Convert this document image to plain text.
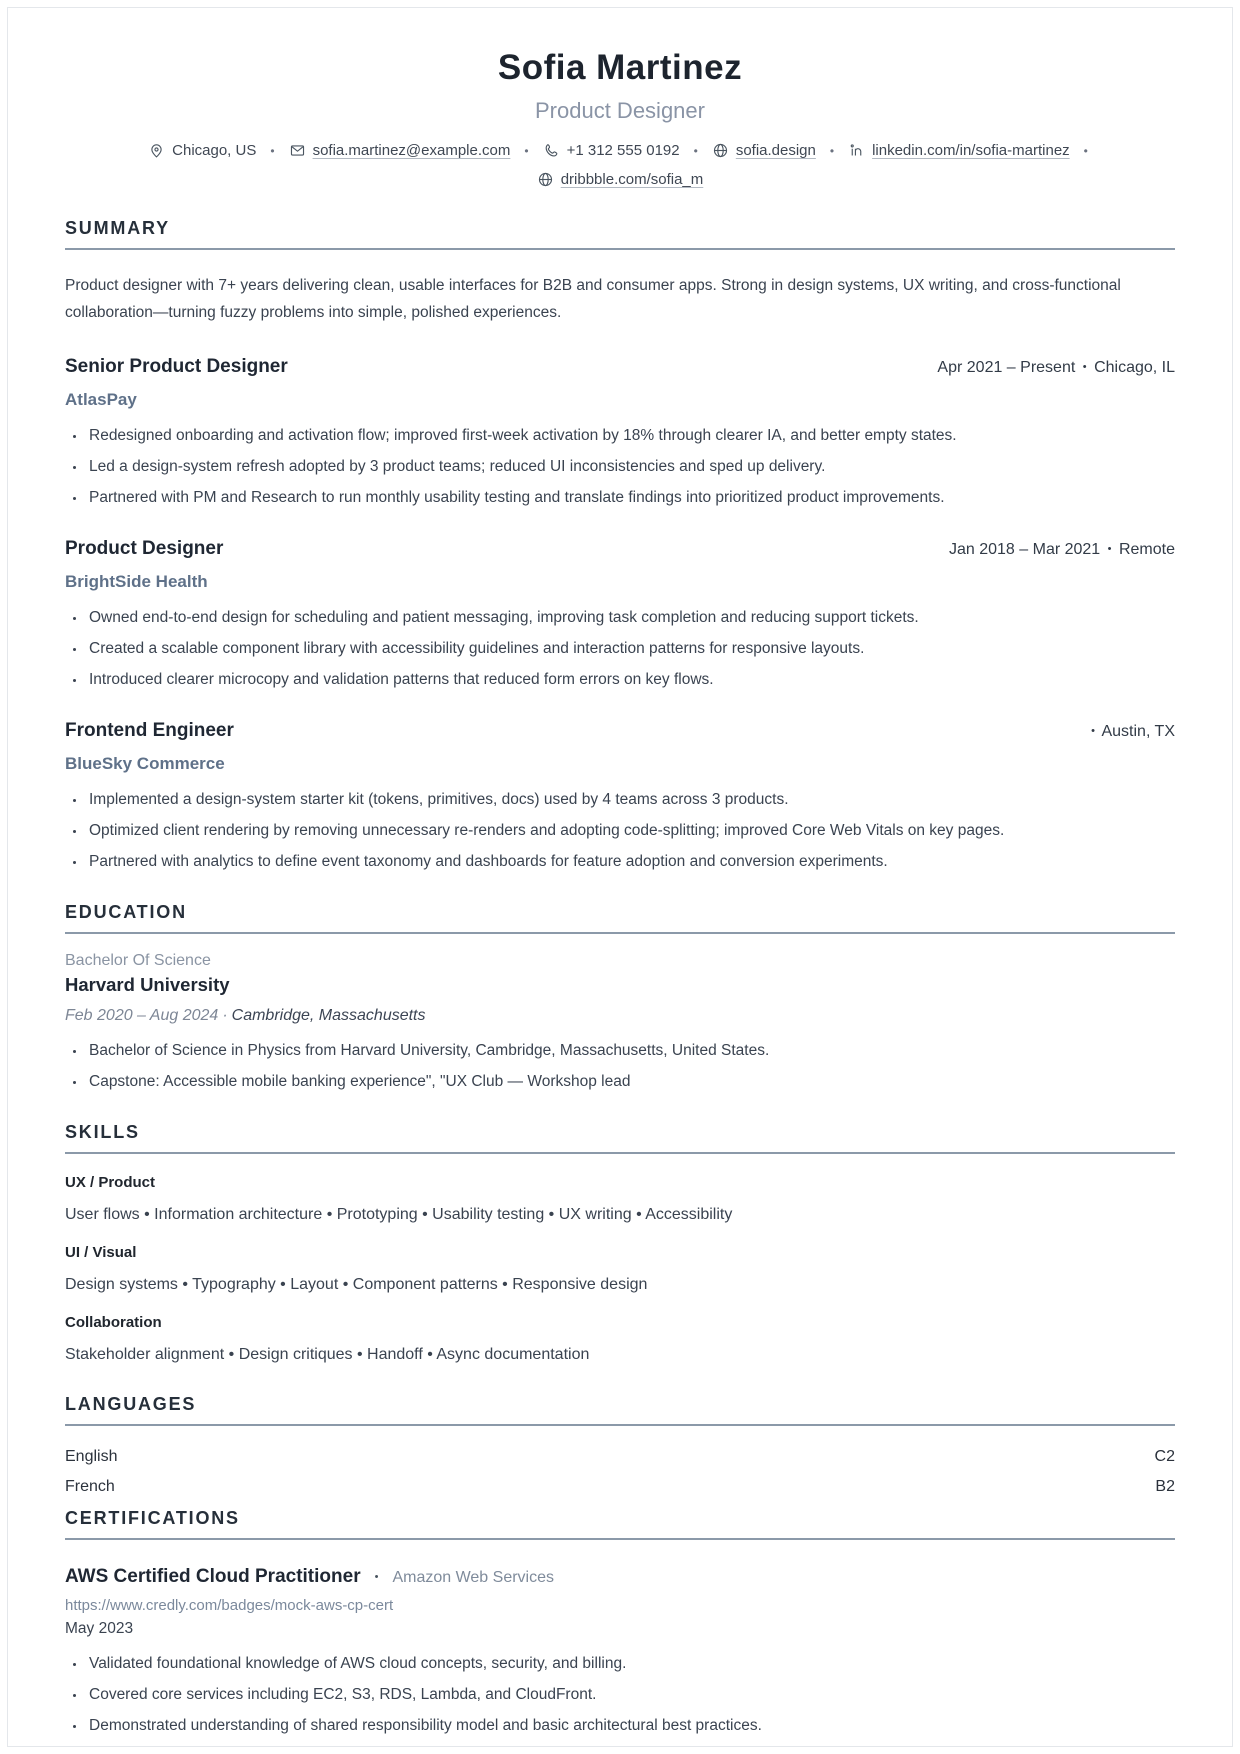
Sofia Martinez
Product Designer
Chicago, US	•	sofia.martinez@example.com	•	+1 312 555 0192	•	sofia.design	•	linkedin.com/in/sofia-martinez	•
dribbble.com/sofia_m
SUMMARY

Product designer with 7+ years delivering clean, usable interfaces for B2B and consumer apps. Strong in design systems, UX writing, and cross-functional collaboration—turning fuzzy problems into simple, polished experiences.

Senior Product Designer	Apr 2021 – Present • Chicago, IL
AtlasPay
• Redesigned onboarding and activation flow; improved first-week activation by 18% through clearer IA, and better empty states.
• Led a design-system refresh adopted by 3 product teams; reduced UI inconsistencies and sped up delivery.
• Partnered with PM and Research to run monthly usability testing and translate findings into prioritized product improvements.
Product Designer	Jan 2018 – Mar 2021 • Remote
BrightSide Health
• Owned end-to-end design for scheduling and patient messaging, improving task completion and reducing support tickets.
• Created a scalable component library with accessibility guidelines and interaction patterns for responsive layouts.
• Introduced clearer microcopy and validation patterns that reduced form errors on key flows.
Frontend Engineer	• Austin, TX
BlueSky Commerce
• Implemented a design-system starter kit (tokens, primitives, docs) used by 4 teams across 3 products.
• Optimized client rendering by removing unnecessary re-renders and adopting code-splitting; improved Core Web Vitals on key pages.
• Partnered with analytics to define event taxonomy and dashboards for feature adoption and conversion experiments.
EDUCATION
Bachelor Of Science
Harvard University
Feb 2020 – Aug 2024 · Cambridge, Massachusetts
• Bachelor of Science in Physics from Harvard University, Cambridge, Massachusetts, United States.
• Capstone: Accessible mobile banking experience", "UX Club — Workshop lead
SKILLS
UX / Product
User flows • Information architecture • Prototyping • Usability testing • UX writing • Accessibility
UI / Visual
Design systems • Typography • Layout • Component patterns • Responsive design
Collaboration
Stakeholder alignment • Design critiques • Handoff • Async documentation
LANGUAGES
English	C2
French	B2
CERTIFICATIONS
AWS Certified Cloud Practitioner	• Amazon Web Services
https://www.credly.com/badges/mock-aws-cp-cert
May 2023
• Validated foundational knowledge of AWS cloud concepts, security, and billing.
• Covered core services including EC2, S3, RDS, Lambda, and CloudFront.
• Demonstrated understanding of shared responsibility model and basic architectural best practices.
